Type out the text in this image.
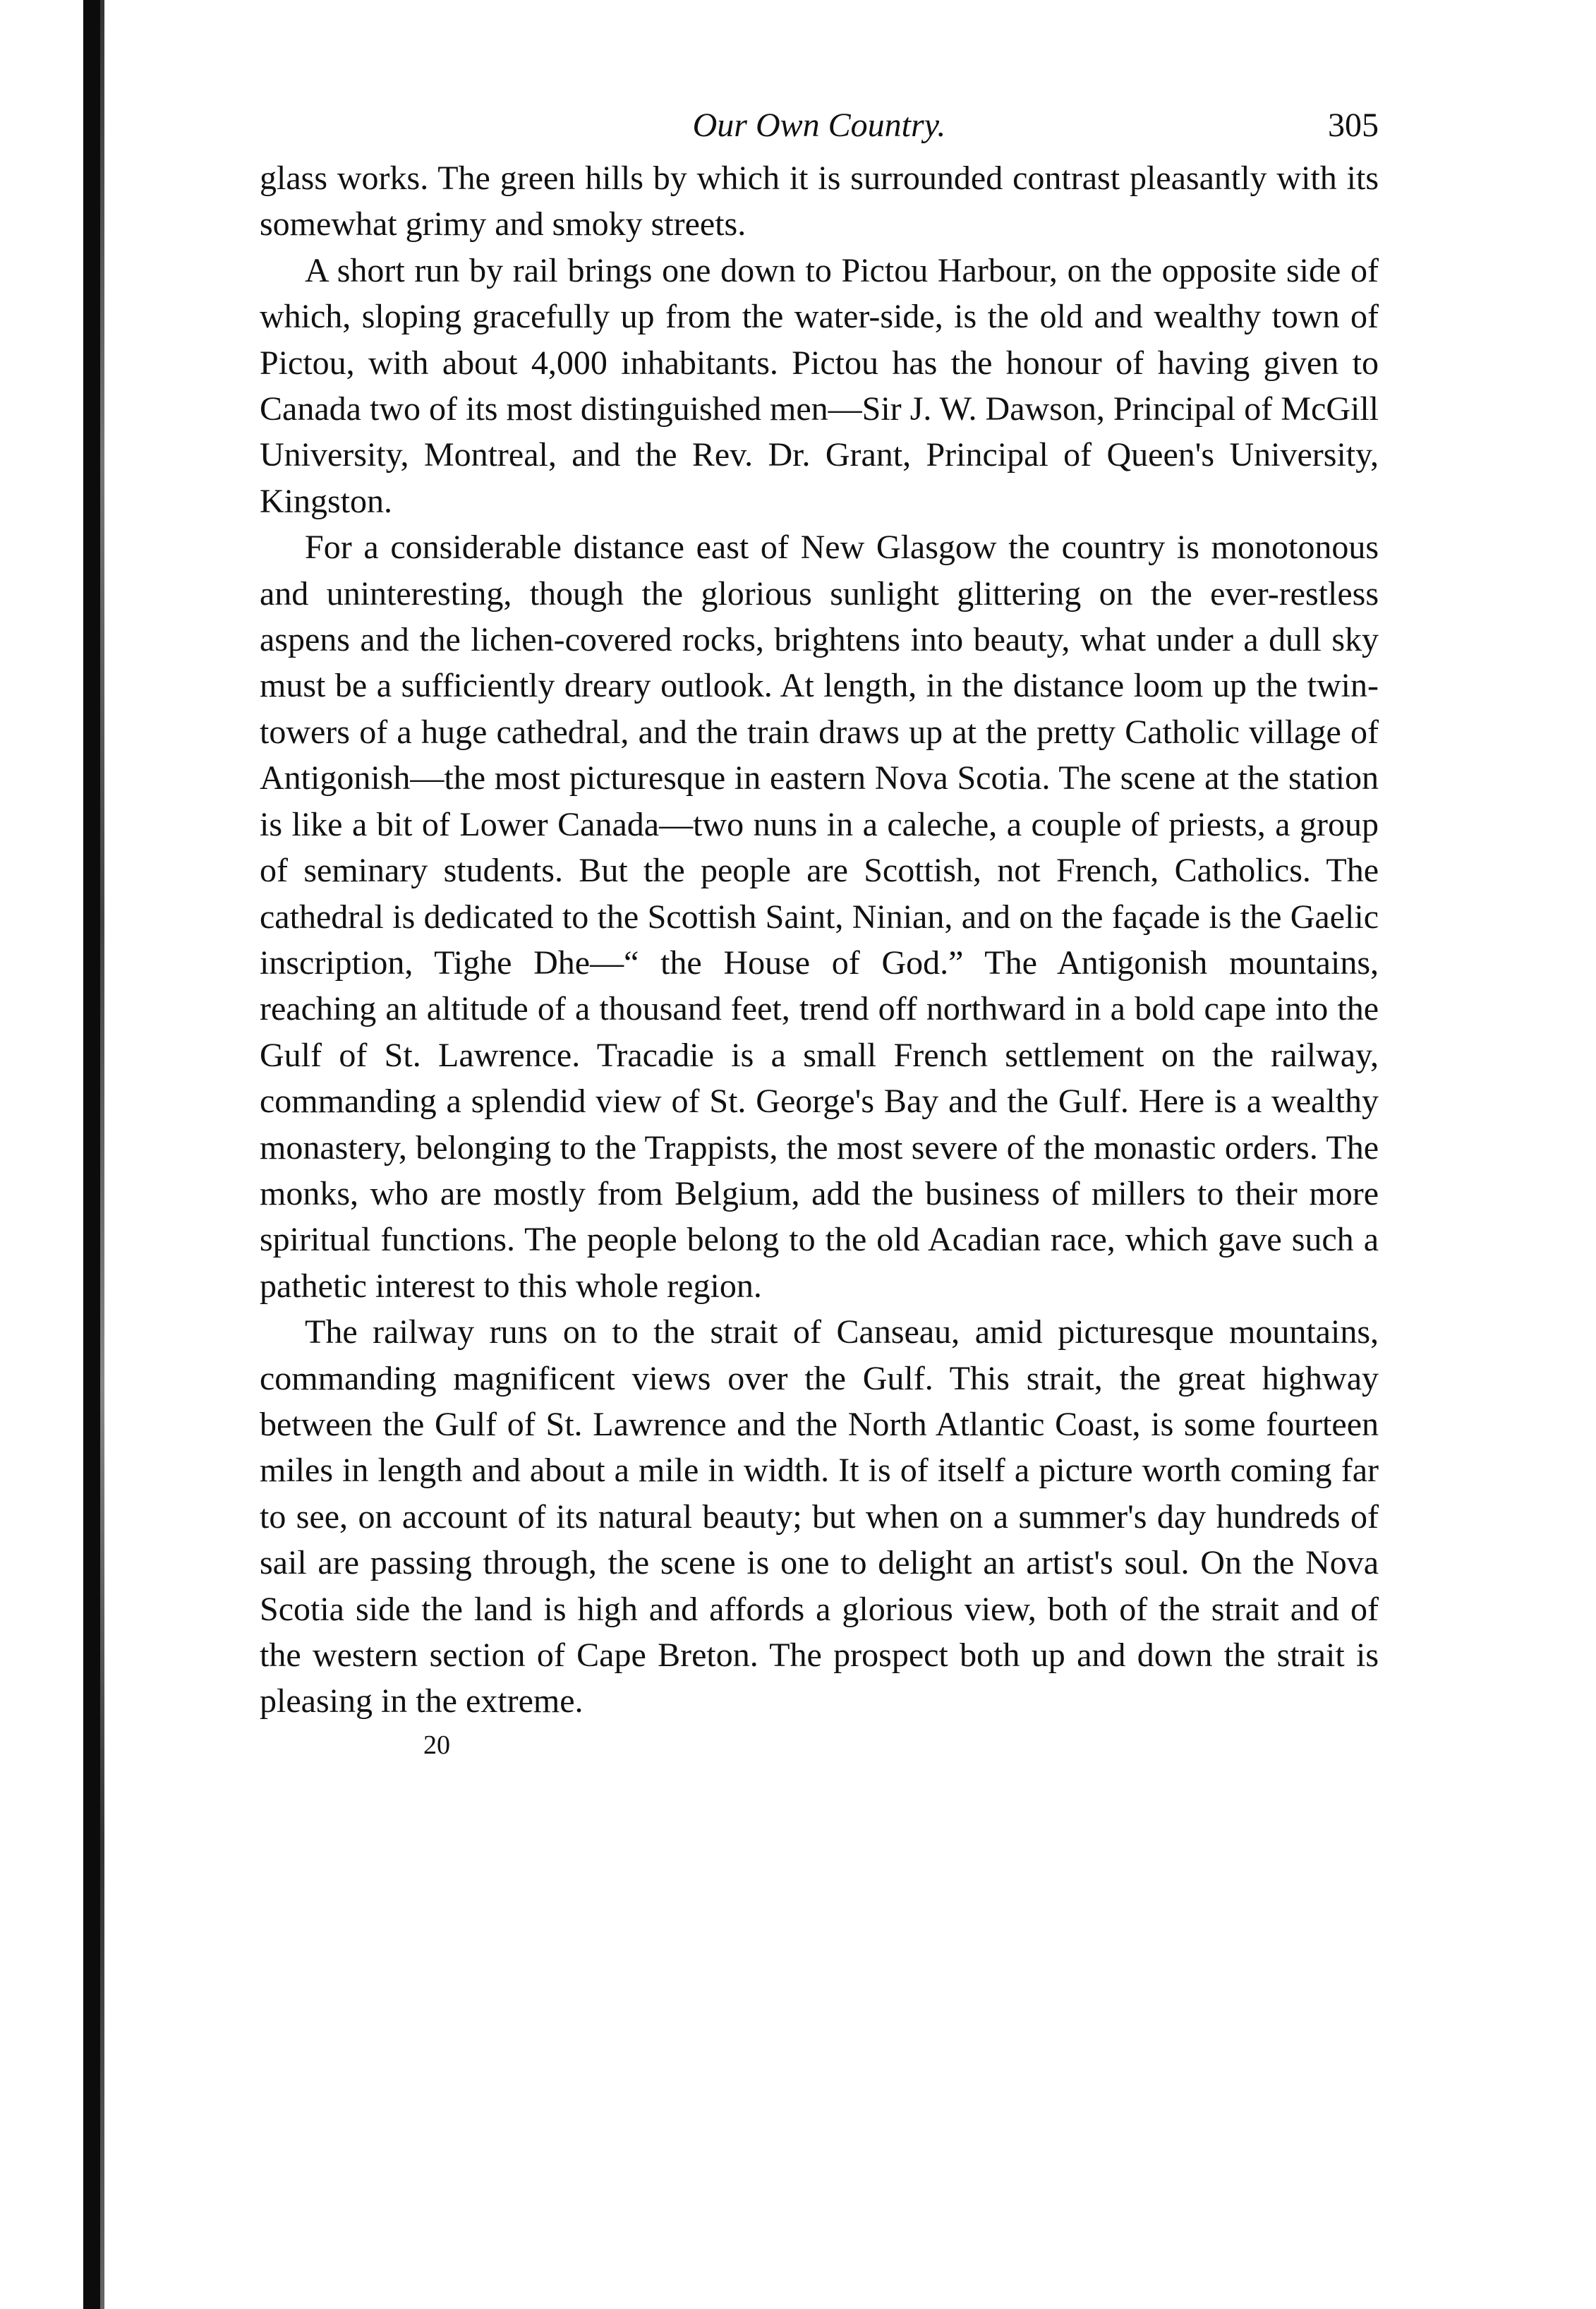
Our Own Country.	305

glass works. The green hills by which it is surrounded contrast pleasantly with its somewhat grimy and smoky streets.

A short run by rail brings one down to Pictou Harbour, on the opposite side of which, sloping gracefully up from the water-side, is the old and wealthy town of Pictou, with about 4,000 inhabitants. Pictou has the honour of having given to Canada two of its most distinguished men—Sir J. W. Dawson, Principal of McGill University, Montreal, and the Rev. Dr. Grant, Principal of Queen's University, Kingston.

For a considerable distance east of New Glasgow the country is monotonous and uninteresting, though the glorious sunlight glittering on the ever-restless aspens and the lichen-covered rocks, brightens into beauty, what under a dull sky must be a sufficiently dreary outlook. At length, in the distance loom up the twin-towers of a huge cathedral, and the train draws up at the pretty Catholic village of Antigonish—the most picturesque in eastern Nova Scotia. The scene at the station is like a bit of Lower Canada—two nuns in a caleche, a couple of priests, a group of seminary students. But the people are Scottish, not French, Catholics. The cathedral is dedicated to the Scottish Saint, Ninian, and on the façade is the Gaelic inscription, Tighe Dhe—“ the House of God.” The Antigonish mountains, reaching an altitude of a thousand feet, trend off northward in a bold cape into the Gulf of St. Lawrence. Tracadie is a small French settlement on the railway, commanding a splendid view of St. George's Bay and the Gulf. Here is a wealthy monastery, belonging to the Trappists, the most severe of the monastic orders. The monks, who are mostly from Belgium, add the business of millers to their more spiritual functions. The people belong to the old Acadian race, which gave such a pathetic interest to this whole region.

The railway runs on to the strait of Canseau, amid picturesque mountains, commanding magnificent views over the Gulf. This strait, the great highway between the Gulf of St. Lawrence and the North Atlantic Coast, is some fourteen miles in length and about a mile in width. It is of itself a picture worth coming far to see, on account of its natural beauty; but when on a summer's day hundreds of sail are passing through, the scene is one to delight an artist's soul. On the Nova Scotia side the land is high and affords a glorious view, both of the strait and of the western section of Cape Breton. The prospect both up and down the strait is pleasing in the extreme.

20
